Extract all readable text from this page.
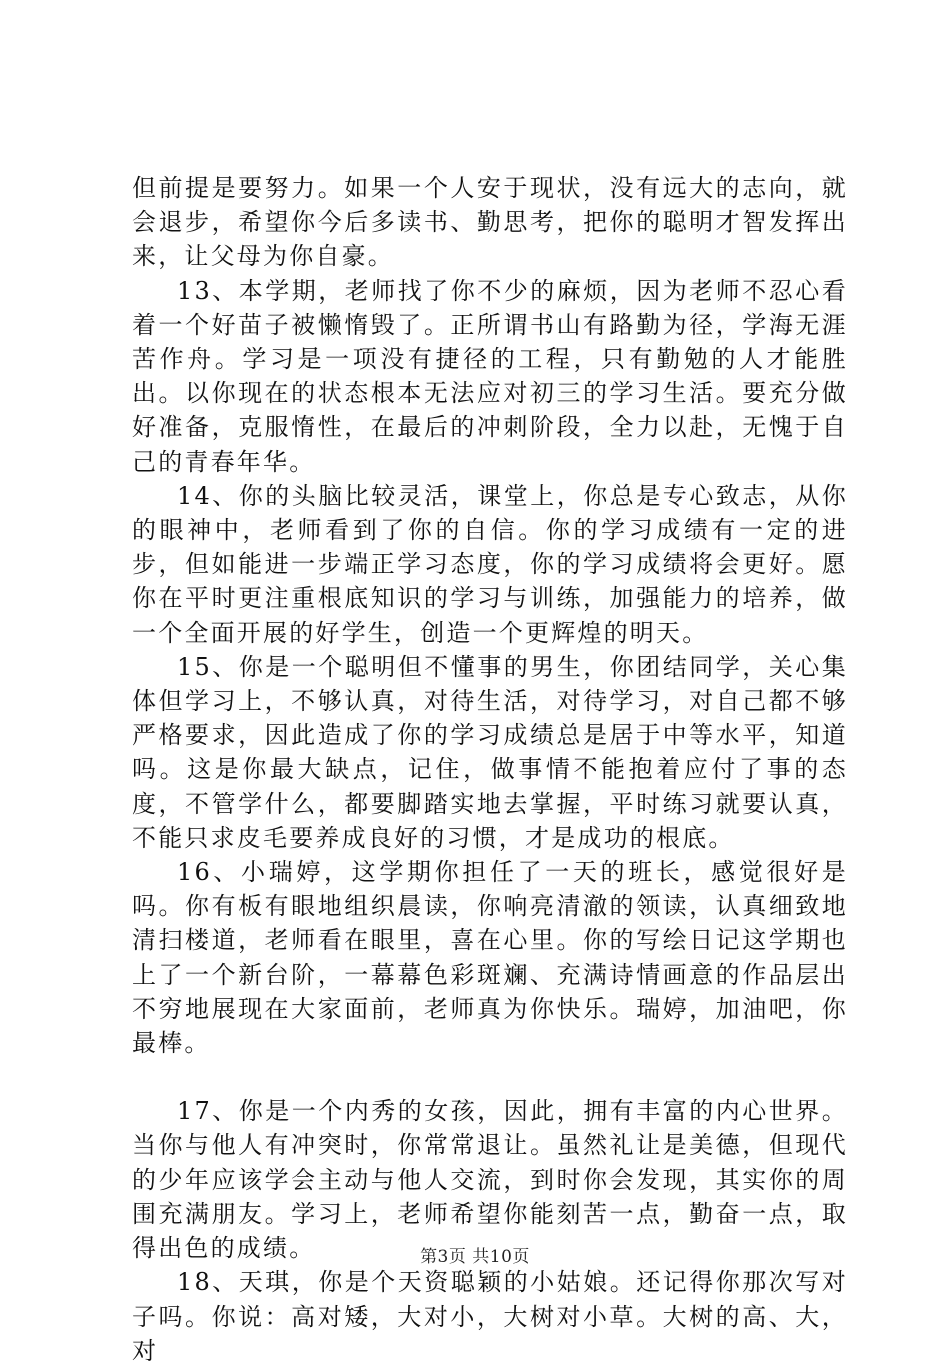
但前提是要努力。如果一个人安于现状，没有远大的志向，就会退步，希望你今后多读书、勤思考，把你的聪明才智发挥出来，让父母为你自豪。

13、本学期，老师找了你不少的麻烦，因为老师不忍心看着一个好苗子被懒惰毁了。正所谓书山有路勤为径，学海无涯苦作舟。学习是一项没有捷径的工程，只有勤勉的人才能胜出。以你现在的状态根本无法应对初三的学习生活。要充分做好准备，克服惰性，在最后的冲刺阶段，全力以赴，无愧于自己的青春年华。

14、你的头脑比较灵活，课堂上，你总是专心致志，从你的眼神中，老师看到了你的自信。你的学习成绩有一定的进步，但如能进一步端正学习态度，你的学习成绩将会更好。愿你在平时更注重根底知识的学习与训练，加强能力的培养，做一个全面开展的好学生，创造一个更辉煌的明天。

15、你是一个聪明但不懂事的男生，你团结同学，关心集体但学习上，不够认真，对待生活，对待学习，对自己都不够严格要求，因此造成了你的学习成绩总是居于中等水平，知道吗。这是你最大缺点，记住，做事情不能抱着应付了事的态度，不管学什么，都要脚踏实地去掌握，平时练习就要认真，不能只求皮毛要养成良好的习惯，才是成功的根底。

16、小瑞婷，这学期你担任了一天的班长，感觉很好是吗。你有板有眼地组织晨读，你响亮清澈的领读，认真细致地清扫楼道，老师看在眼里，喜在心里。你的写绘日记这学期也上了一个新台阶，一幕幕色彩斑斓、充满诗情画意的作品层出不穷地展现在大家面前，老师真为你快乐。瑞婷，加油吧，你最棒。

17、你是一个内秀的女孩，因此，拥有丰富的内心世界。当你与他人有冲突时，你常常退让。虽然礼让是美德，但现代的少年应该学会主动与他人交流，到时你会发现，其实你的周围充满朋友。学习上，老师希望你能刻苦一点，勤奋一点，取得出色的成绩。

18、天琪，你是个天资聪颖的小姑娘。还记得你那次写对子吗。你说：高对矮，大对小，大树对小草。大树的高、大，对

第3页 共10页
